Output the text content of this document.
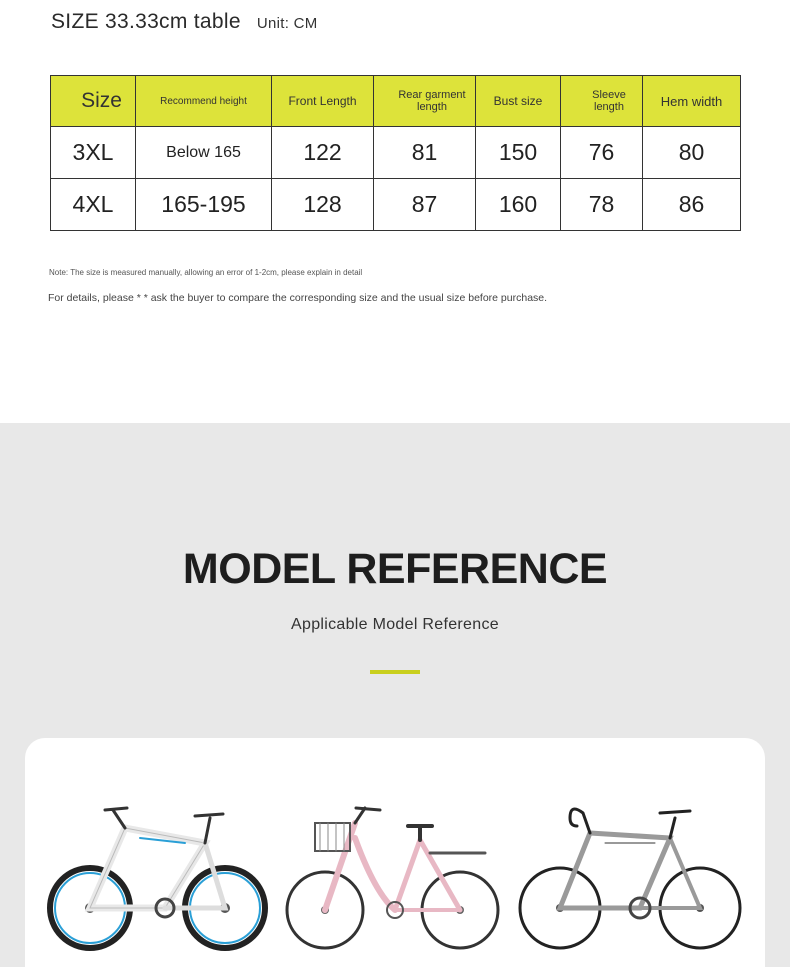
SIZE 33.33cm table Unit: CM
Size	Recommend height	Front Length	Rear garment length	Bust size	Sleeve length	Hem width
3XL	Below 165	122	81	150	76	80
4XL	165-195	128	87	160	78	86
Note: The size is measured manually, allowing an error of 1-2cm, please explain in detail
For details, please * * ask the buyer to compare the corresponding size and the usual size before purchase.
MODEL REFERENCE
Applicable Model Reference
